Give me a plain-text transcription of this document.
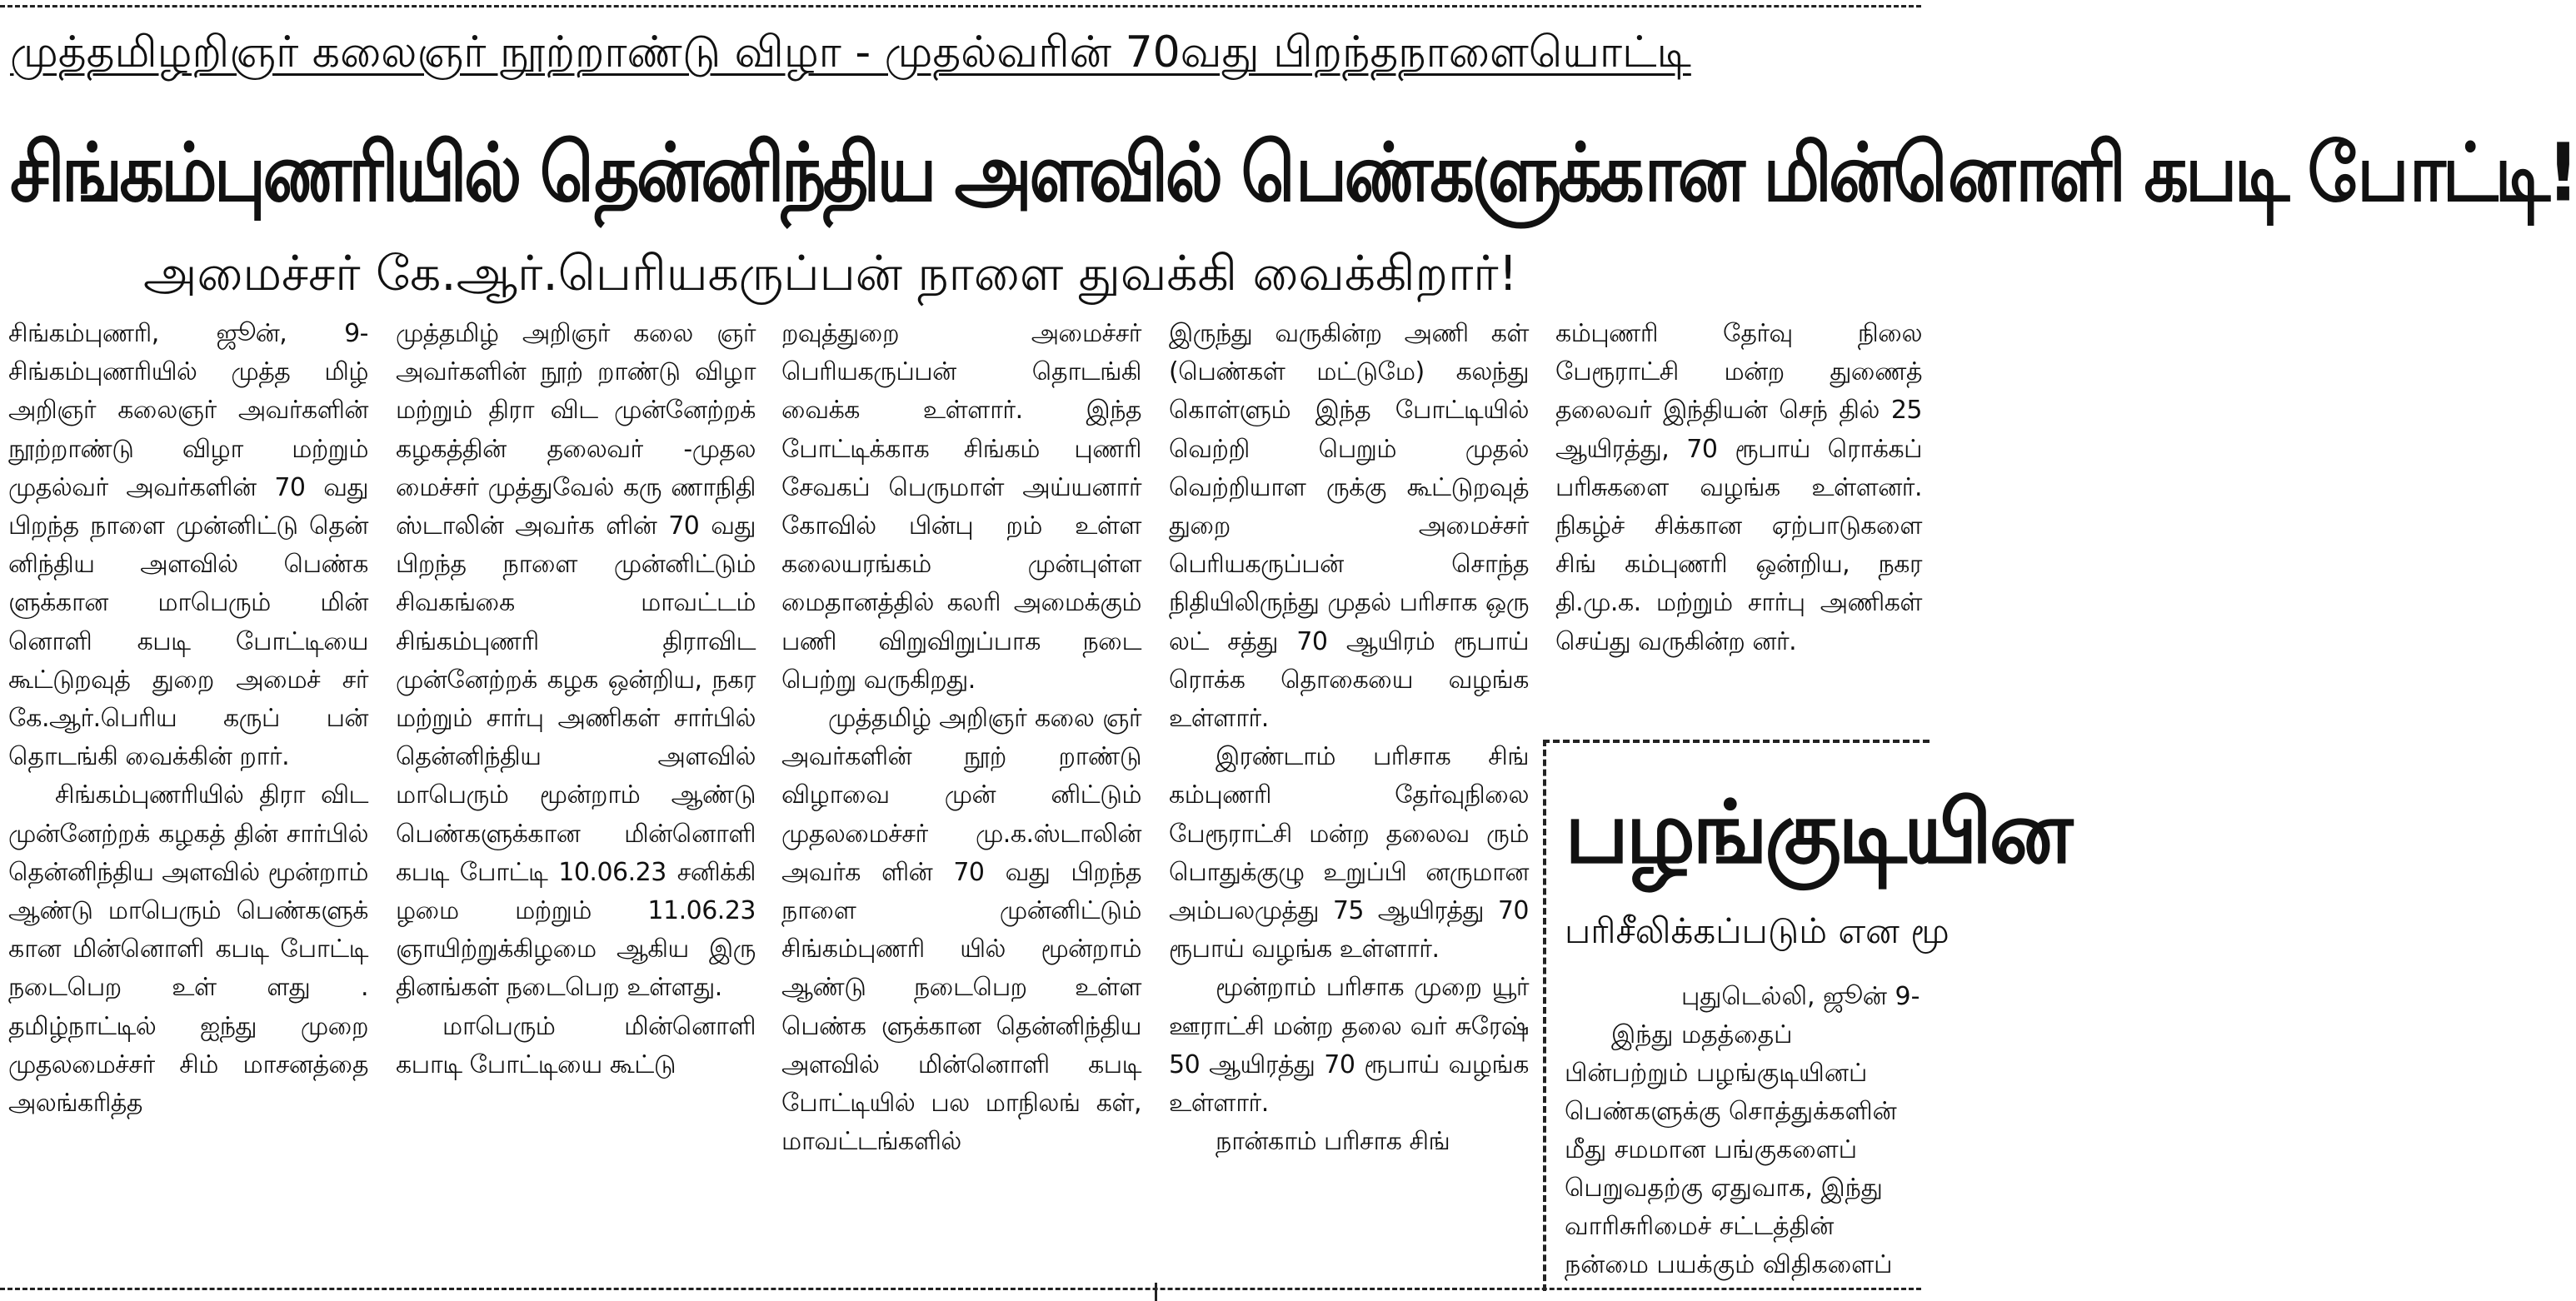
முத்தமிழறிஞர் கலைஞர் நூற்றாண்டு விழா - முதல்வரின் 70வது பிறந்தநாளையொட்டி
சிங்கம்புணரியில் தென்னிந்திய அளவில் பெண்களுக்கான மின்னொளி கபடி போட்டி!
அமைச்சர் கே.ஆர்.பெரியகருப்பன் நாளை துவக்கி வைக்கிறார்!

சிங்கம்புணரி, ஜூன், 9- சிங்கம்புணரியில் முத்த மிழ் அறிஞர் கலைஞர் அவர்களின் நூற்றாண்டு விழா மற்றும் முதல்வர் அவர்களின் 70 வது பிறந்த நாளை முன்னிட்டு தென் னிந்திய அளவில் பெண்க ளுக்கான மாபெரும் மின் னொளி கபடி போட்டியை கூட்டுறவுத் துறை அமைச் சர் கே.ஆர்.பெரிய கருப் பன் தொடங்கி வைக்கின் றார்.

சிங்கம்புணரியில் திரா விட முன்னேற்றக் கழகத் தின் சார்பில் தென்னிந்திய அளவில் மூன்றாம் ஆண்டு மாபெரும் பெண்களுக் கான மின்னொளி கபடி போட்டி நடைபெற உள் ளது . தமிழ்நாட்டில் ஐந்து முறை முதலமைச்சர் சிம் மாசனத்தை அலங்கரித்த

முத்தமிழ் அறிஞர் கலை ஞர் அவர்களின் நூற் றாண்டு விழா மற்றும் திரா விட முன்னேற்றக் கழகத்தின் தலைவர் -முதல மைச்சர் முத்துவேல் கரு ணாநிதி ஸ்டாலின் அவர்க ளின் 70 வது பிறந்த நாளை முன்னிட்டும் சிவகங்கை மாவட்டம் சிங்கம்புணரி திராவிட முன்னேற்றக் கழக ஒன்றிய, நகர மற்றும் சார்பு அணிகள் சார்பில் தென்னிந்திய அளவில் மாபெரும் மூன்றாம் ஆண்டு பெண்களுக்கான மின்னொளி கபடி போட்டி 10.06.23 சனிக்கி ழமை மற்றும் 11.06.23 ஞாயிற்றுக்கிழமை ஆகிய இரு தினங்கள் நடைபெற உள்ளது.

மாபெரும் மின்னொளி கபாடி போட்டியை கூட்டு

றவுத்துறை அமைச்சர் பெரியகருப்பன் தொடங்கி வைக்க உள்ளார். இந்த போட்டிக்காக சிங்கம் புணரி சேவகப் பெருமாள் அய்யனார் கோவில் பின்பு றம் உள்ள கலையரங்கம் முன்புள்ள மைதானத்தில் கலரி அமைக்கும் பணி விறுவிறுப்பாக நடை பெற்று வருகிறது.

முத்தமிழ் அறிஞர் கலை ஞர் அவர்களின் நூற் றாண்டு விழாவை முன் னிட்டும் முதலமைச்சர் மு.க.ஸ்டாலின் அவர்க ளின் 70 வது பிறந்த நாளை முன்னிட்டும் சிங்கம்புணரி யில் மூன்றாம் ஆண்டு நடைபெற உள்ள பெண்க ளுக்கான தென்னிந்திய அளவில் மின்னொளி கபடி போட்டியில் பல மாநிலங் கள், மாவட்டங்களில்

இருந்து வருகின்ற அணி கள் (பெண்கள் மட்டுமே) கலந்து கொள்ளும் இந்த போட்டியில் வெற்றி பெறும் முதல் வெற்றியாள ருக்கு கூட்டுறவுத் துறை அமைச்சர் பெரியகருப்பன் சொந்த நிதியிலிருந்து முதல் பரிசாக ஒரு லட் சத்து 70 ஆயிரம் ரூபாய் ரொக்க தொகையை வழங்க உள்ளார்.

இரண்டாம் பரிசாக சிங் கம்புணரி தேர்வுநிலை பேரூராட்சி மன்ற தலைவ ரும் பொதுக்குழு உறுப்பி னருமான அம்பலமுத்து 75 ஆயிரத்து 70 ரூபாய் வழங்க உள்ளார்.

மூன்றாம் பரிசாக முறை யூர் ஊராட்சி மன்ற தலை வர் சுரேஷ் 50 ஆயிரத்து 70 ரூபாய் வழங்க உள்ளார்.

நான்காம் பரிசாக சிங்

கம்புணரி தேர்வு நிலை பேரூராட்சி மன்ற துணைத் தலைவர் இந்தியன் செந் தில் 25 ஆயிரத்து, 70 ரூபாய் ரொக்கப் பரிசுகளை வழங்க உள்ளனர். நிகழ்ச் சிக்கான ஏற்பாடுகளை சிங் கம்புணரி ஒன்றிய, நகர தி.மு.க. மற்றும் சார்பு அணிகள் செய்து வருகின்ற னர்.

பழங்குடியின
பரிசீலிக்கப்படும் என மூ
புதுடெல்லி, ஜூன் 9-
இந்து மதத்தைப்
பின்பற்றும் பழங்குடியினப்
பெண்களுக்கு சொத்துக்களின்
மீது சமமான பங்குகளைப்
பெறுவதற்கு ஏதுவாக, இந்து
வாரிசுரிமைச் சட்டத்தின்
நன்மை பயக்கும் விதிகளைப்
